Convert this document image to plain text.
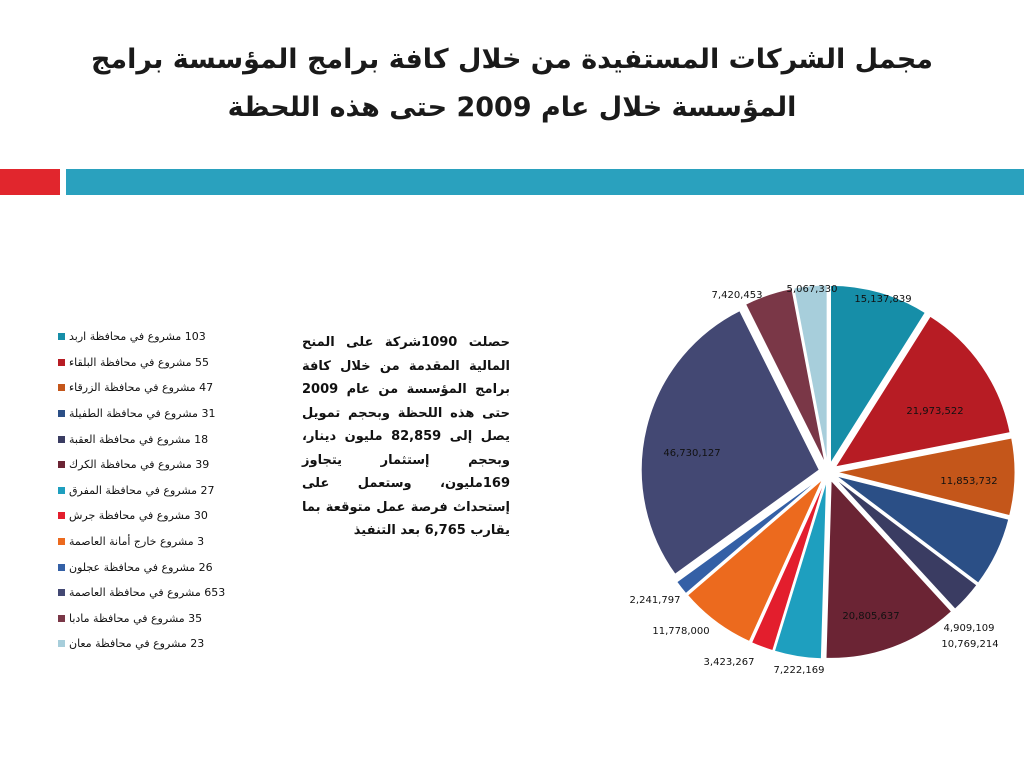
مجمل الشركات المستفيدة من خلال كافة برامج المؤسسة برامج المؤسسة خلال عام 2009 حتى هذه اللحظة
103 مشروع في محافظة اربد
55 مشروع في محافظة البلقاء
47 مشروع في محافظة الزرقاء
31 مشروع في محافظة الطفيلة
18 مشروع في محافظة العقبة
39 مشروع في محافظة الكرك
27 مشروع في محافظة المفرق
30 مشروع في محافظة جرش
3 مشروع خارج أمانة العاصمة
26 مشروع في محافظة عجلون
653 مشروع في محافظة العاصمة
35 مشروع في محافظة مادبا
23 مشروع في محافظة معان
حصلت 1090شركة على المنح المالية المقدمة من خلال كافة برامج المؤسسة من عام 2009 حتى هذه اللحظة وبحجم تمويل يصل إلى 82,859 مليون دينار، وبحجم إستثمار يتجاوز 169مليون، وستعمل على إستحداث فرصة عمل متوقعة بما يقارب 6,765 بعد التنفيذ
15,137,839
21,973,522
11,853,732
10,769,214
4,909,109
20,805,637
7,222,169
3,423,267
11,778,000
2,241,797
46,730,127
7,420,453
5,067,330
